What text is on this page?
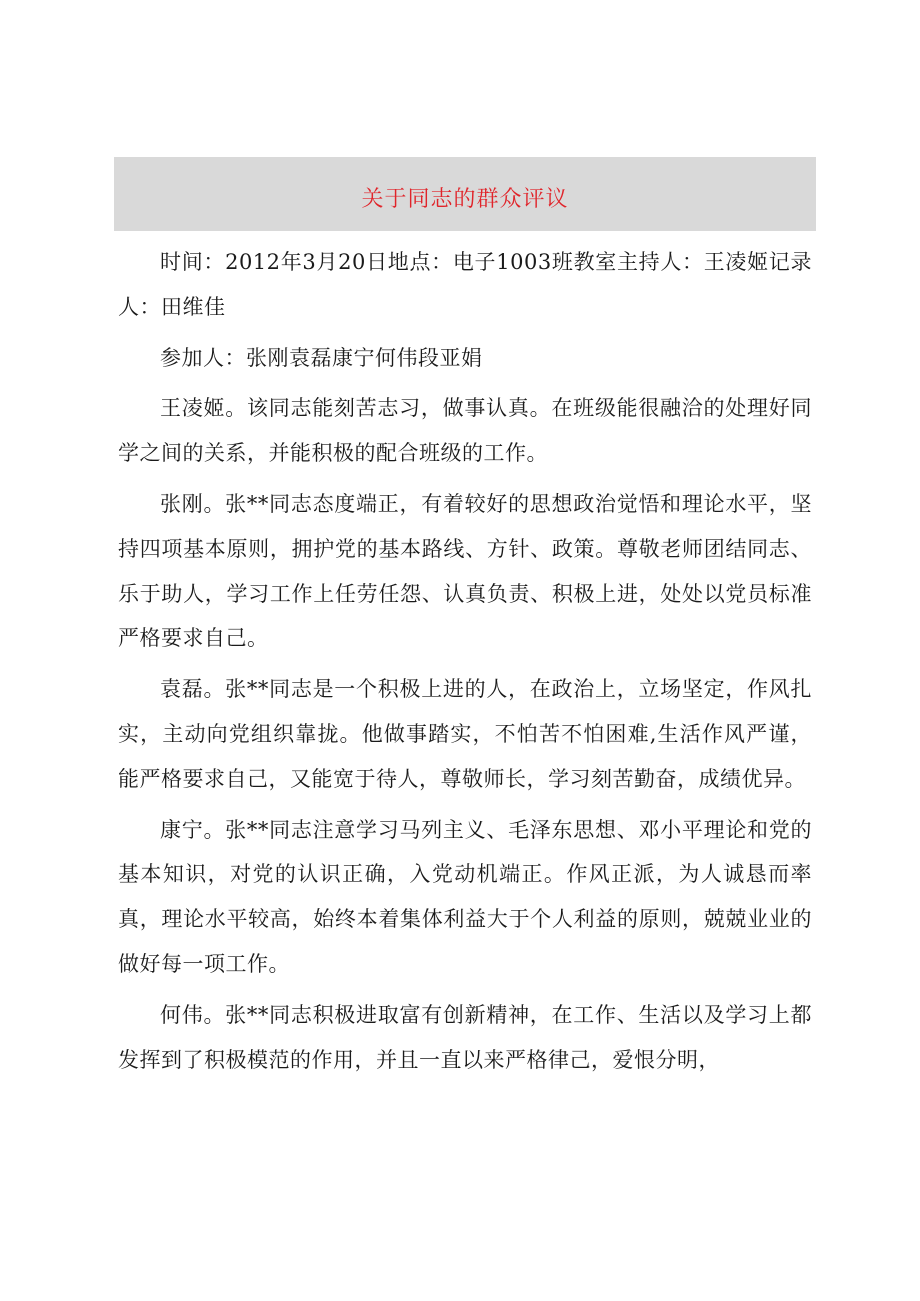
关于同志的群众评议

时间：2012年3月20日地点：电子1003班教室主持人：王凌姬记录人：田维佳

参加人：张刚袁磊康宁何伟段亚娟

王凌姬。该同志能刻苦志习，做事认真。在班级能很融洽的处理好同学之间的关系，并能积极的配合班级的工作。

张刚。张**同志态度端正，有着较好的思想政治觉悟和理论水平，坚持四项基本原则，拥护党的基本路线、方针、政策。尊敬老师团结同志、乐于助人，学习工作上任劳任怨、认真负责、积极上进，处处以党员标准严格要求自己。

袁磊。张**同志是一个积极上进的人，在政治上，立场坚定，作风扎实，主动向党组织靠拢。他做事踏实，不怕苦不怕困难,生活作风严谨，能严格要求自己，又能宽于待人，尊敬师长，学习刻苦勤奋，成绩优异。

康宁。张**同志注意学习马列主义、毛泽东思想、邓小平理论和党的基本知识，对党的认识正确，入党动机端正。作风正派，为人诚恳而率真，理论水平较高，始终本着集体利益大于个人利益的原则，兢兢业业的做好每一项工作。

何伟。张**同志积极进取富有创新精神，在工作、生活以及学习上都发挥到了积极模范的作用，并且一直以来严格律己，爱恨分明，
